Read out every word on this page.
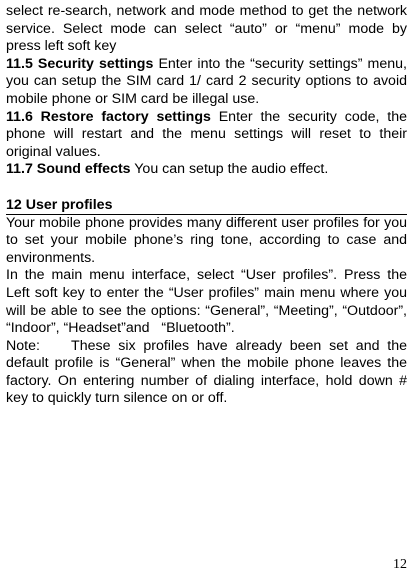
select re-search, network and mode method to get the network service. Select mode can select “auto” or “menu” mode by press left soft key

11.5 Security settings Enter into the “security settings” menu, you can setup the SIM card 1/ card 2 security options to avoid mobile phone or SIM card be illegal use.

11.6 Restore factory settings Enter the security code, the phone will restart and the menu settings will reset to their original values.

11.7 Sound effects You can setup the audio effect.

12 User profiles

Your mobile phone provides many different user profiles for you to set your mobile phone’s ring tone, according to case and environments.

In the main menu interface, select “User profiles”. Press the Left soft key to enter the “User profiles” main menu where you will be able to see the options: “General”, “Meeting”, “Outdoor”, “Indoor”, “Headset”and   “Bluetooth”.

Note:    These six profiles have already been set and the default profile is “General” when the mobile phone leaves the factory. On entering number of dialing interface, hold down # key to quickly turn silence on or off.

12
